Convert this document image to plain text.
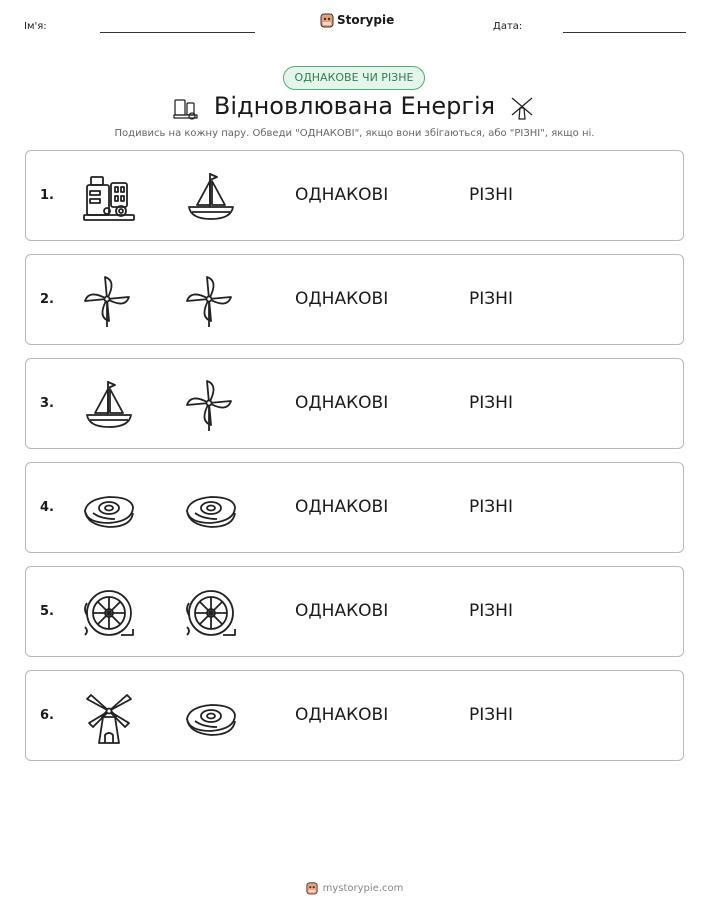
Ім'я:	Storypie	Дата:
ОДНАКОВЕ ЧИ РІЗНЕ
Відновлювана Енергія
Подивись на кожну пару. Обведи "ОДНАКОВІ", якщо вони збігаються, або "РІЗНІ", якщо ні.
1.	ОДНАКОВІ	РІЗНІ
2.	ОДНАКОВІ	РІЗНІ
3.	ОДНАКОВІ	РІЗНІ
4.	ОДНАКОВІ	РІЗНІ
5.	ОДНАКОВІ	РІЗНІ
6.	ОДНАКОВІ	РІЗНІ
mystorypie.com
